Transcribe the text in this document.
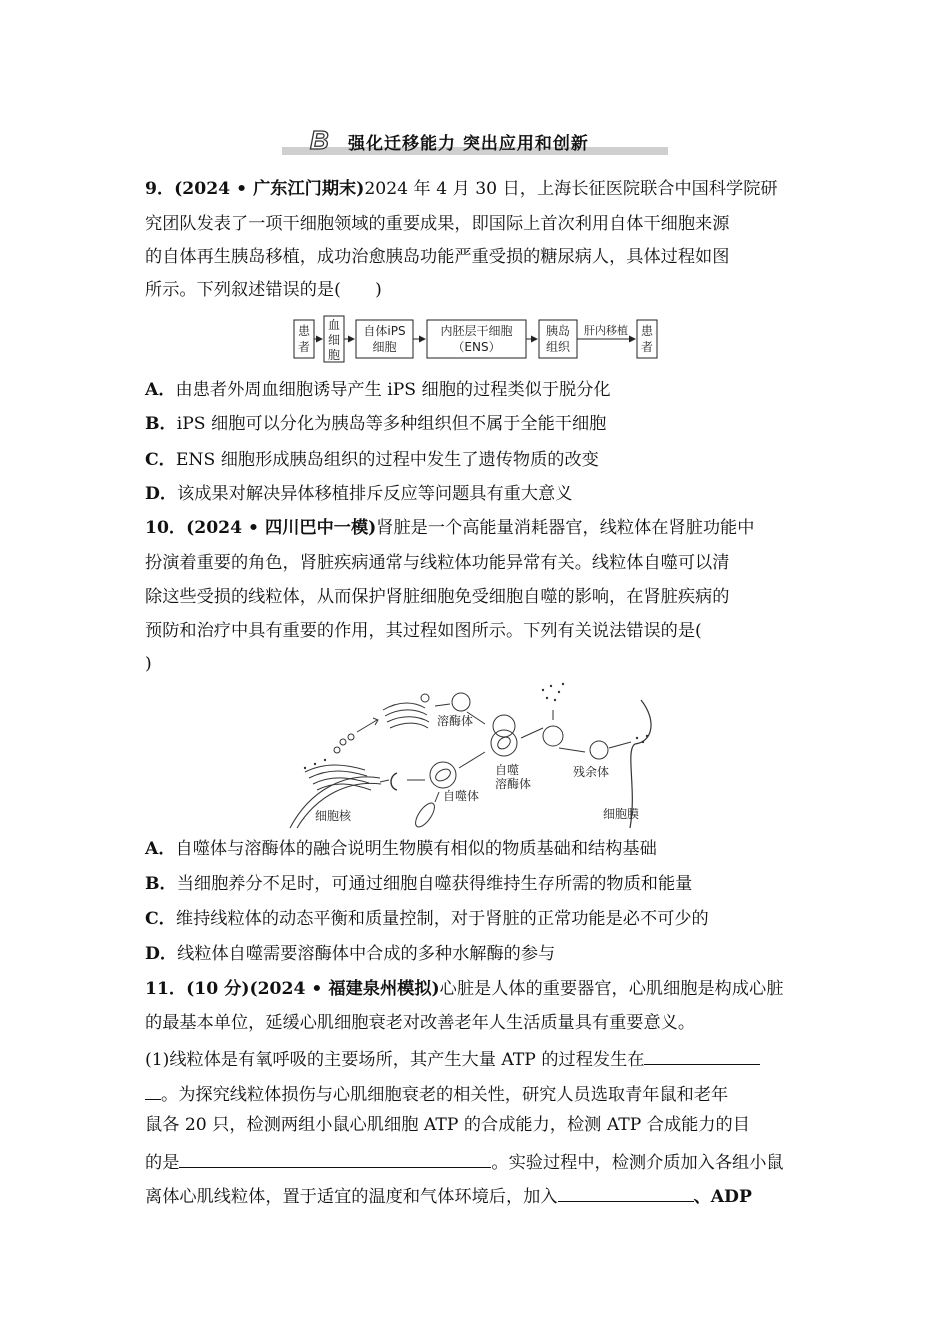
B 强化迁移能力 突出应用和创新
9．(2024 • 广东江门期末)2024 年 4 月 30 日，上海长征医院联合中国科学院研
究团队发表了一项干细胞领域的重要成果，即国际上首次利用自体干细胞来源
的自体再生胰岛移植，成功治愈胰岛功能严重受损的糖尿病人，具体过程如图
所示。下列叙述错误的是(　　)
患
者
血
细
胞
自体iPS
细胞
内胚层干细胞
（ENS）
胰岛
组织
肝内移植 患
者
A．由患者外周血细胞诱导产生 iPS 细胞的过程类似于脱分化
B．iPS 细胞可以分化为胰岛等多种组织但不属于全能干细胞
C．ENS 细胞形成胰岛组织的过程中发生了遗传物质的改变
D．该成果对解决异体移植排斥反应等问题具有重大意义
10．(2024 • 四川巴中一模)肾脏是一个高能量消耗器官，线粒体在肾脏功能中
扮演着重要的角色，肾脏疾病通常与线粒体功能异常有关。线粒体自噬可以清
除这些受损的线粒体，从而保护肾脏细胞免受细胞自噬的影响，在肾脏疾病的
预防和治疗中具有重要的作用，其过程如图所示。下列有关说法错误的是(
)
溶酶体
细胞核
自噬体
自噬
溶酶体
残余体
细胞膜
A．自噬体与溶酶体的融合说明生物膜有相似的物质基础和结构基础
B．当细胞养分不足时，可通过细胞自噬获得维持生存所需的物质和能量
C．维持线粒体的动态平衡和质量控制，对于肾脏的正常功能是必不可少的
D．线粒体自噬需要溶酶体中合成的多种水解酶的参与
11．(10 分)(2024 • 福建泉州模拟)心脏是人体的重要器官，心肌细胞是构成心脏
的最基本单位，延缓心肌细胞衰老对改善老年人生活质量具有重要意义。
(1)线粒体是有氧呼吸的主要场所，其产生大量 ATP 的过程发生在
。为探究线粒体损伤与心肌细胞衰老的相关性，研究人员选取青年鼠和老年
鼠各 20 只，检测两组小鼠心肌细胞 ATP 的合成能力，检测 ATP 合成能力的目
的是	。实验过程中，检测介质加入各组小鼠
离体心肌线粒体，置于适宜的温度和气体环境后，加入	、ADP
